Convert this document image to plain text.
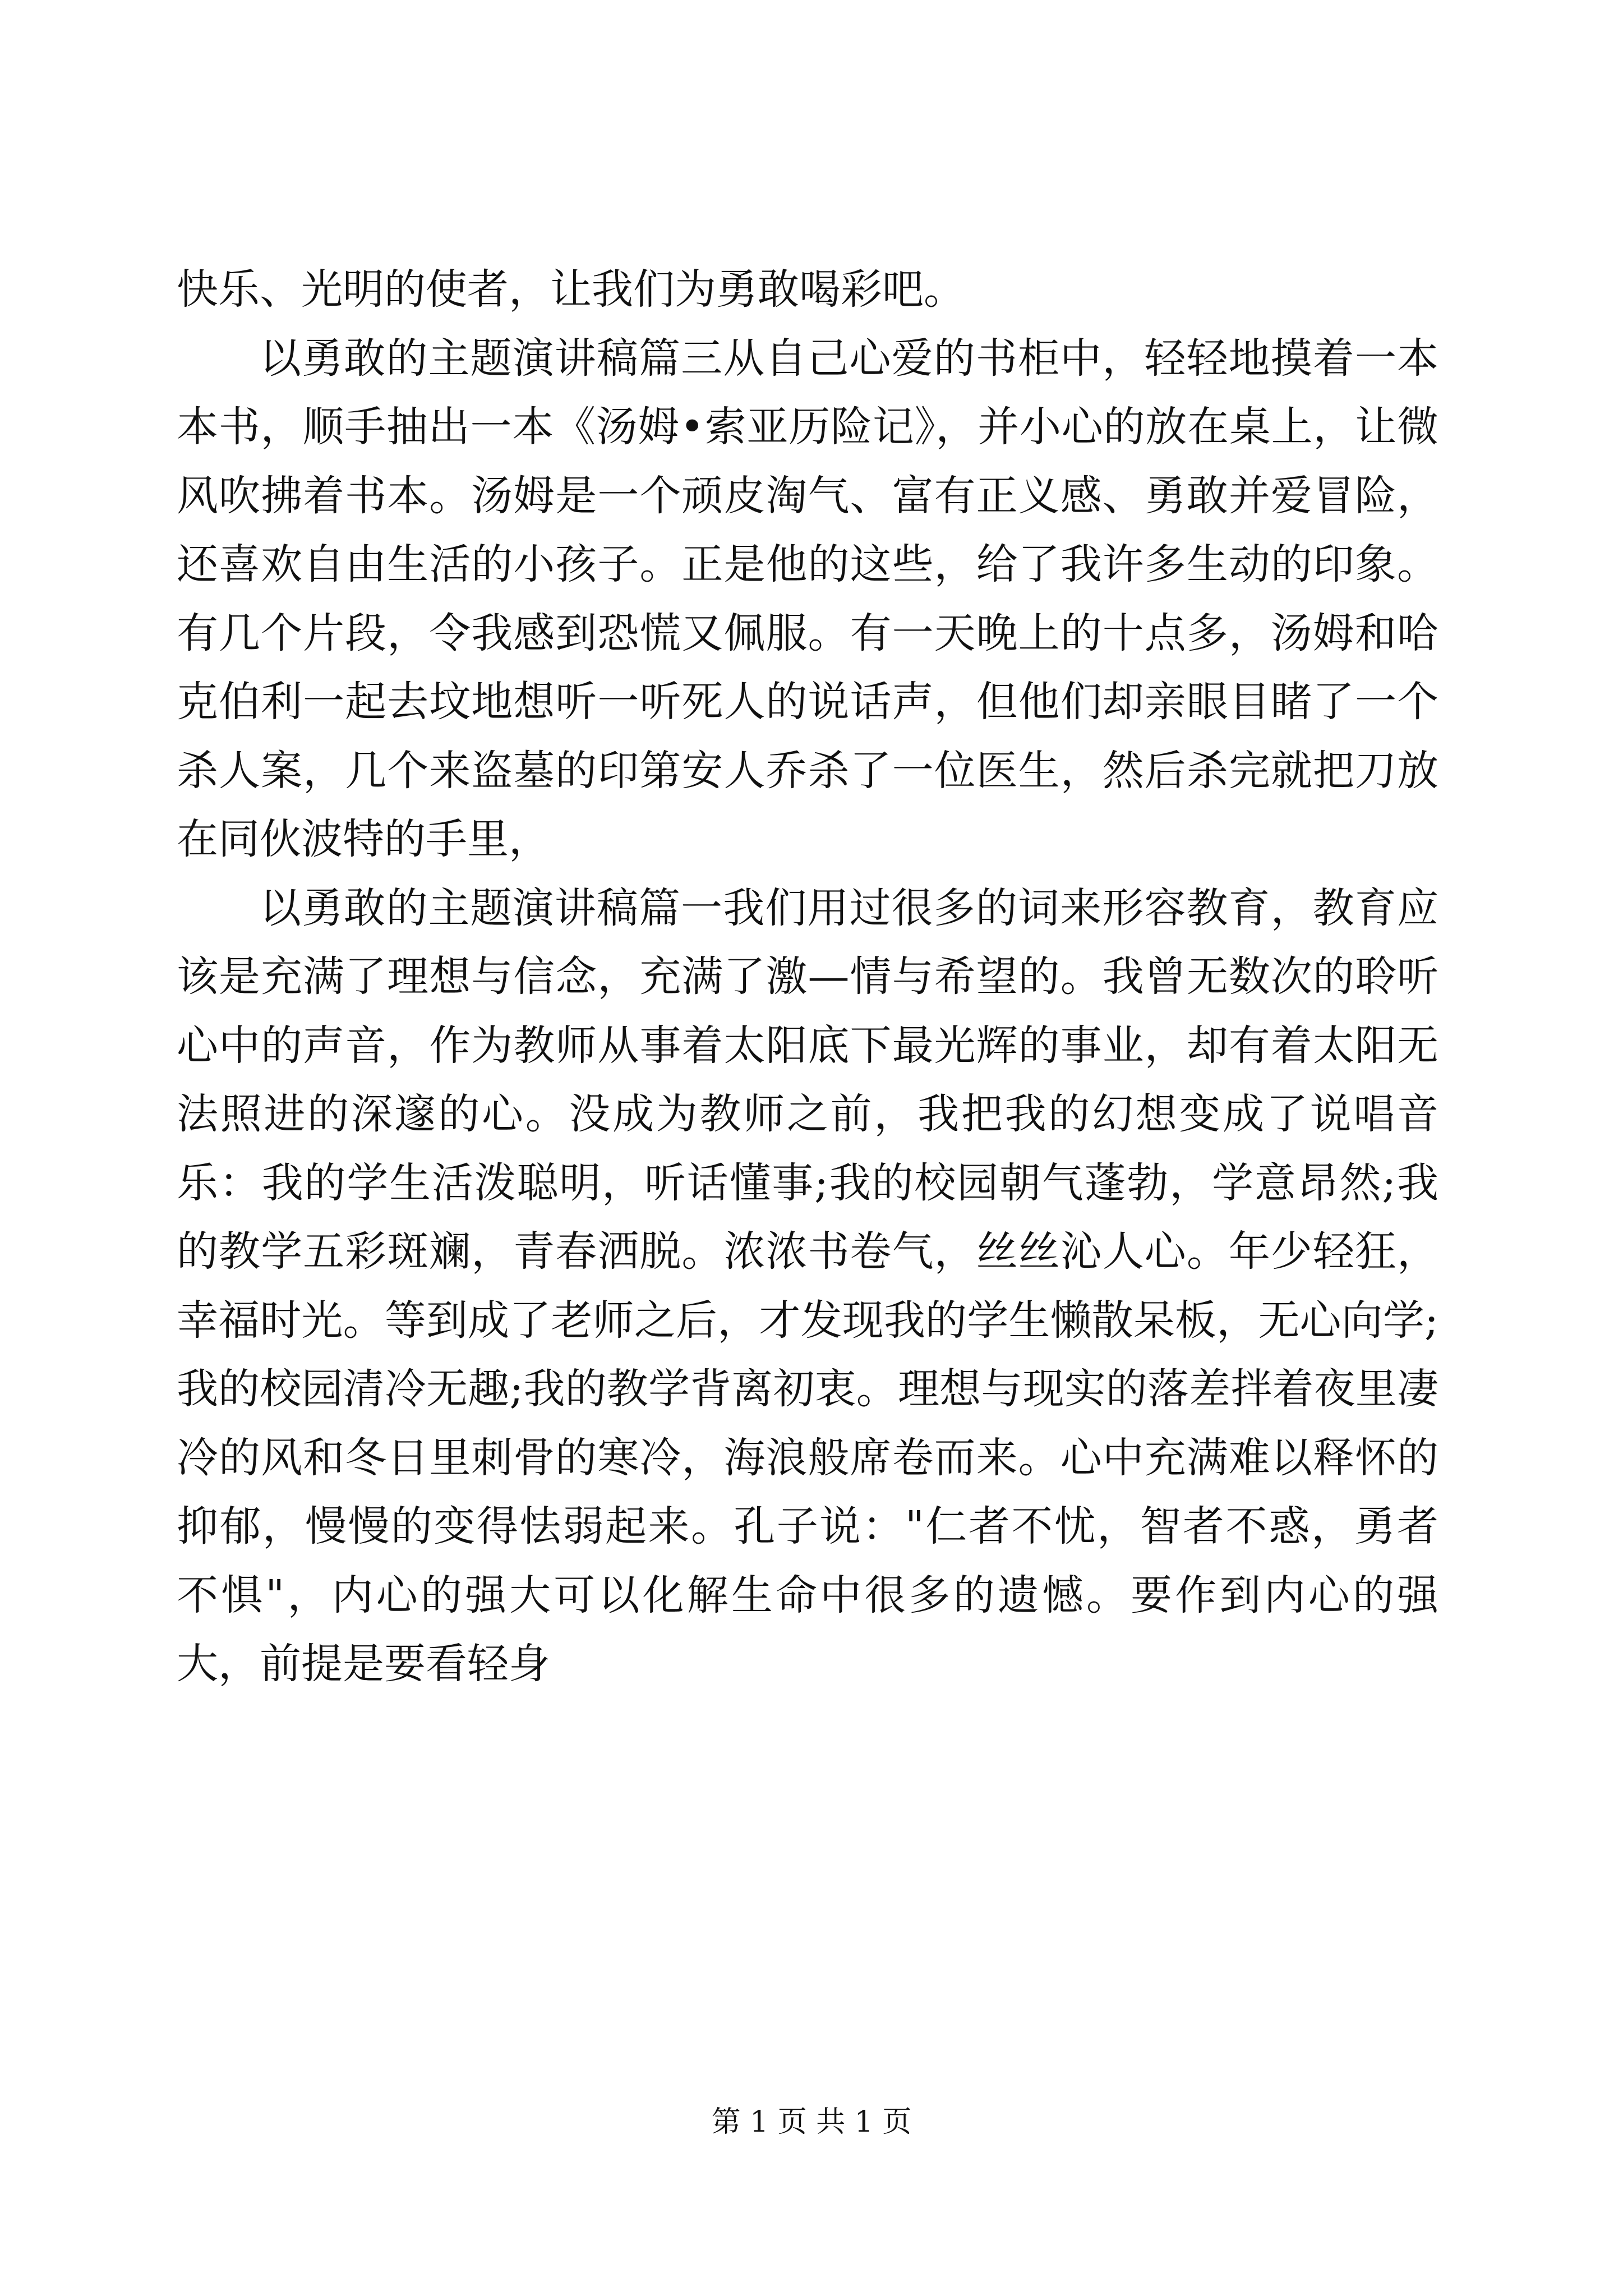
快乐、光明的使者，让我们为勇敢喝彩吧。

以勇敢的主题演讲稿篇三从自己心爱的书柜中，轻轻地摸着一本本书，顺手抽出一本《汤姆•索亚历险记》，并小心的放在桌上，让微风吹拂着书本。汤姆是一个顽皮淘气、富有正义感、勇敢并爱冒险，还喜欢自由生活的小孩子。正是他的这些，给了我许多生动的印象。有几个片段，令我感到恐慌又佩服。有一天晚上的十点多，汤姆和哈克伯利一起去坟地想听一听死人的说话声，但他们却亲眼目睹了一个杀人案，几个来盗墓的印第安人乔杀了一位医生，然后杀完就把刀放在同伙波特的手里，

以勇敢的主题演讲稿篇一我们用过很多的词来形容教育，教育应该是充满了理想与信念，充满了激—情与希望的。我曾无数次的聆听心中的声音，作为教师从事着太阳底下最光辉的事业，却有着太阳无法照进的深邃的心。没成为教师之前，我把我的幻想变成了说唱音乐：我的学生活泼聪明，听话懂事;我的校园朝气蓬勃，学意昂然;我的教学五彩斑斓，青春洒脱。浓浓书卷气，丝丝沁人心。年少轻狂，幸福时光。等到成了老师之后，才发现我的学生懒散呆板，无心向学;我的校园清冷无趣;我的教学背离初衷。理想与现实的落差拌着夜里凄冷的风和冬日里刺骨的寒冷，海浪般席卷而来。心中充满难以释怀的抑郁，慢慢的变得怯弱起来。孔子说："仁者不忧，智者不惑，勇者不惧"，内心的强大可以化解生命中很多的遗憾。要作到内心的强大，前提是要看轻身

第 1 页 共 1 页
